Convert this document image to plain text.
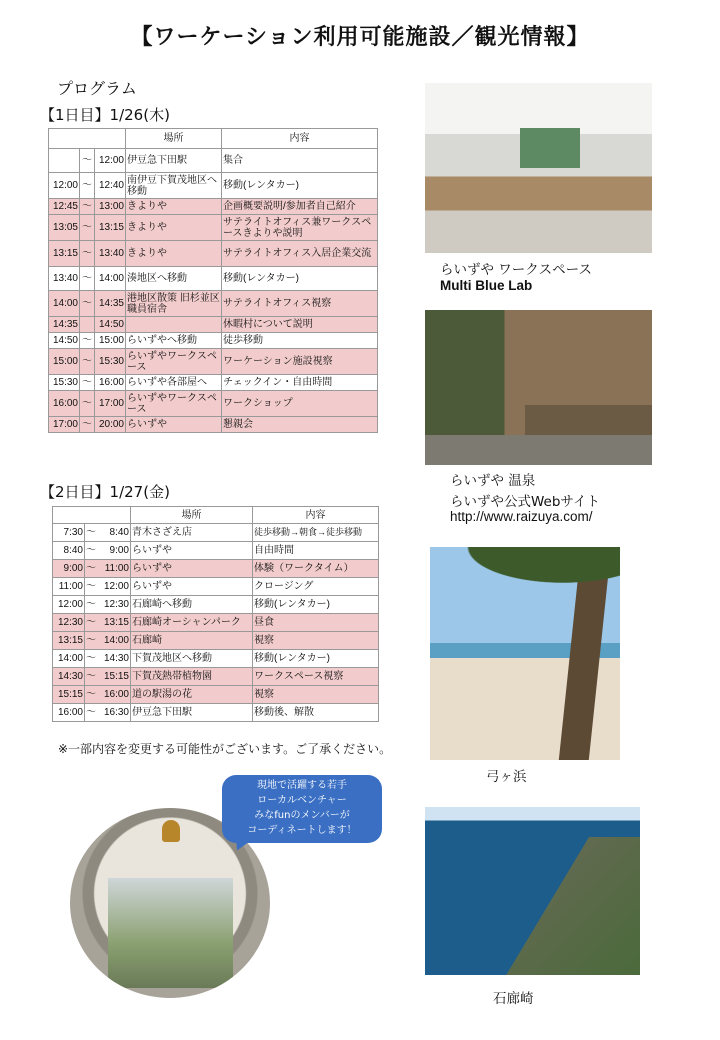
【ワーケーション利用可能施設／観光情報】
プログラム
【1日目】1/26(木)
			場所	内容
	～	12:00	伊豆急下田駅	集合
12:00	～	12:40	南伊豆下賀茂地区へ移動	移動(レンタカー)
12:45	～	13:00	きよりや	企画概要説明/参加者自己紹介
13:05	～	13:15	きよりや	サテライトオフィス兼ワークスペースきよりや説明
13:15	～	13:40	きよりや	サテライトオフィス入居企業交流
13:40	～	14:00	湊地区へ移動	移動(レンタカー)
14:00	～	14:35	港地区散策 旧杉並区職員宿舎	サテライトオフィス視察
14:35		14:50		休暇村について説明
14:50	～	15:00	らいずやへ移動	徒歩移動
15:00	～	15:30	らいずやワークスペース	ワーケーション施設視察
15:30	～	16:00	らいずや各部屋へ	チェックイン・自由時間
16:00	～	17:00	らいずやワークスペース	ワークショップ
17:00	～	20:00	らいずや	懇親会
【2日目】1/27(金)
		場所	内容
7:30	～ 8:40	青木さざえ店	徒歩移動→朝食→徒歩移動
8:40	～ 9:00	らいずや	自由時間
9:00	～ 11:00	らいずや	体験（ワークタイム）
11:00	～ 12:00	らいずや	クロージング
12:00	～ 12:30	石廊崎へ移動	移動(レンタカー)
12:30	～ 13:15	石廊崎オーシャンパーク	昼食
13:15	～ 14:00	石廊崎	視察
14:00	～ 14:30	下賀茂地区へ移動	移動(レンタカー)
14:30	～ 15:15	下賀茂熱帯植物園	ワークスペース視察
15:15	～ 16:00	道の駅湯の花	視察
16:00	～ 16:30	伊豆急下田駅	移動後、解散
※一部内容を変更する可能性がございます。ご了承ください。
現地で活躍する若手
ローカルベンチャー
みなfunのメンバーが
コーディネートします！
らいずや ワークスペース
Multi Blue Lab
らいずや 温泉
らいずや公式Webサイト
http://www.raizuya.com/
弓ヶ浜
石廊崎
